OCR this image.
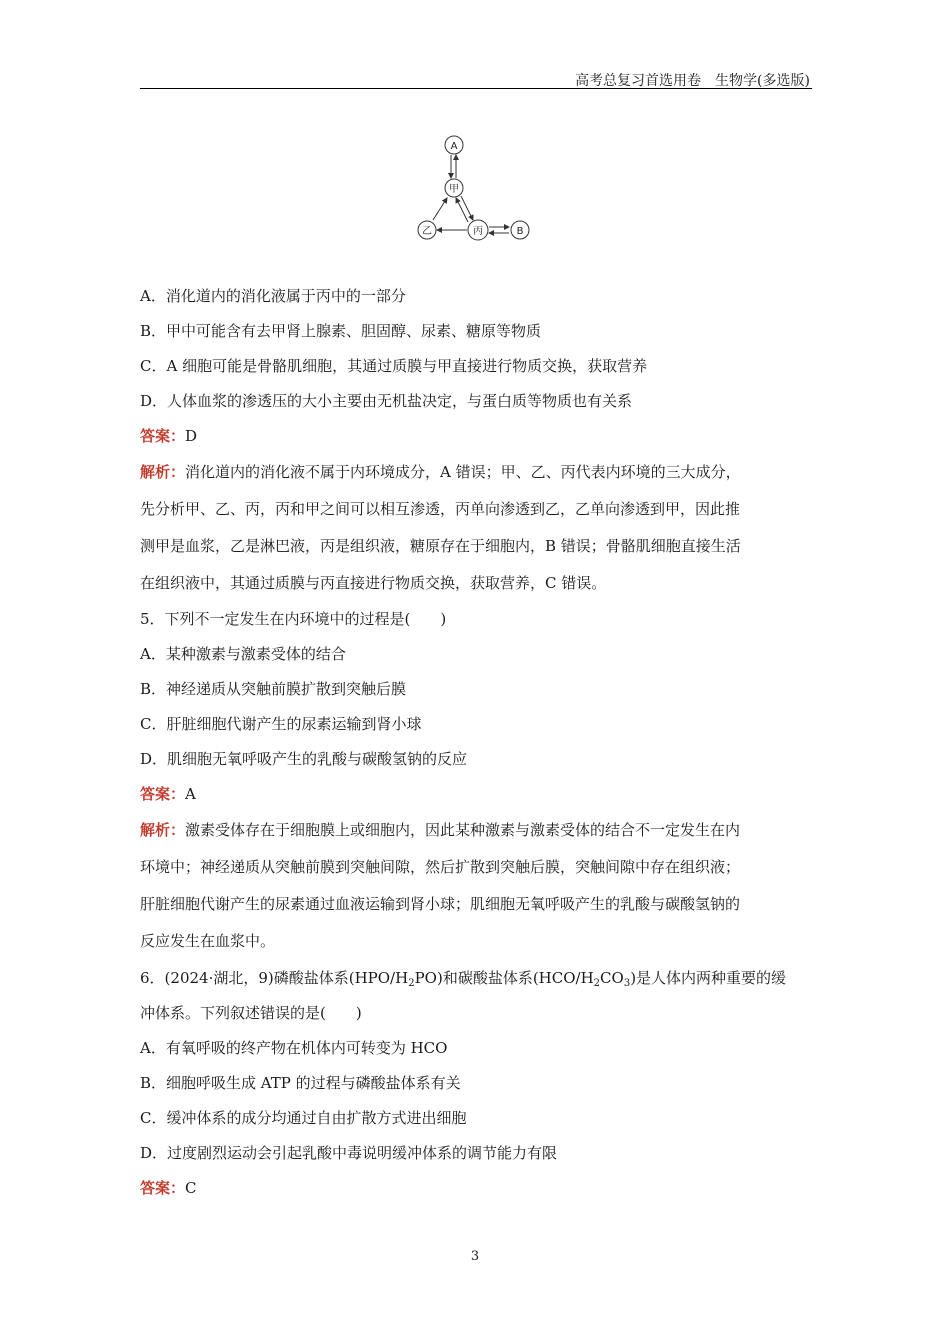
高考总复习首选用卷　生物学(多选版)
A
甲
乙	丙	B
A．消化道内的消化液属于丙中的一部分
B．甲中可能含有去甲肾上腺素、胆固醇、尿素、糖原等物质
C．A 细胞可能是骨骼肌细胞，其通过质膜与甲直接进行物质交换，获取营养
D．人体血浆的渗透压的大小主要由无机盐决定，与蛋白质等物质也有关系
答案：D
解析：消化道内的消化液不属于内环境成分，A 错误；甲、乙、丙代表内环境的三大成分，
先分析甲、乙、丙，丙和甲之间可以相互渗透，丙单向渗透到乙，乙单向渗透到甲，因此推
测甲是血浆，乙是淋巴液，丙是组织液，糖原存在于细胞内，B 错误；骨骼肌细胞直接生活
在组织液中，其通过质膜与丙直接进行物质交换，获取营养，C 错误。
5．下列不一定发生在内环境中的过程是(　　)
A．某种激素与激素受体的结合
B．神经递质从突触前膜扩散到突触后膜
C．肝脏细胞代谢产生的尿素运输到肾小球
D．肌细胞无氧呼吸产生的乳酸与碳酸氢钠的反应
答案：A
解析：激素受体存在于细胞膜上或细胞内，因此某种激素与激素受体的结合不一定发生在内
环境中；神经递质从突触前膜到突触间隙，然后扩散到突触后膜，突触间隙中存在组织液；
肝脏细胞代谢产生的尿素通过血液运输到肾小球；肌细胞无氧呼吸产生的乳酸与碳酸氢钠的
反应发生在血浆中。
6．(2024·湖北，9)磷酸盐体系$(HPO/H_2PO)$和碳酸盐体系$(HCO/H_2CO_3)$是人体内两种重要的缓
冲体系。下列叙述错误的是(　　)
A．有氧呼吸的终产物在机体内可转变为 HCO
B．细胞呼吸生成 ATP 的过程与磷酸盐体系有关
C．缓冲体系的成分均通过自由扩散方式进出细胞
D．过度剧烈运动会引起乳酸中毒说明缓冲体系的调节能力有限
答案：C
3
